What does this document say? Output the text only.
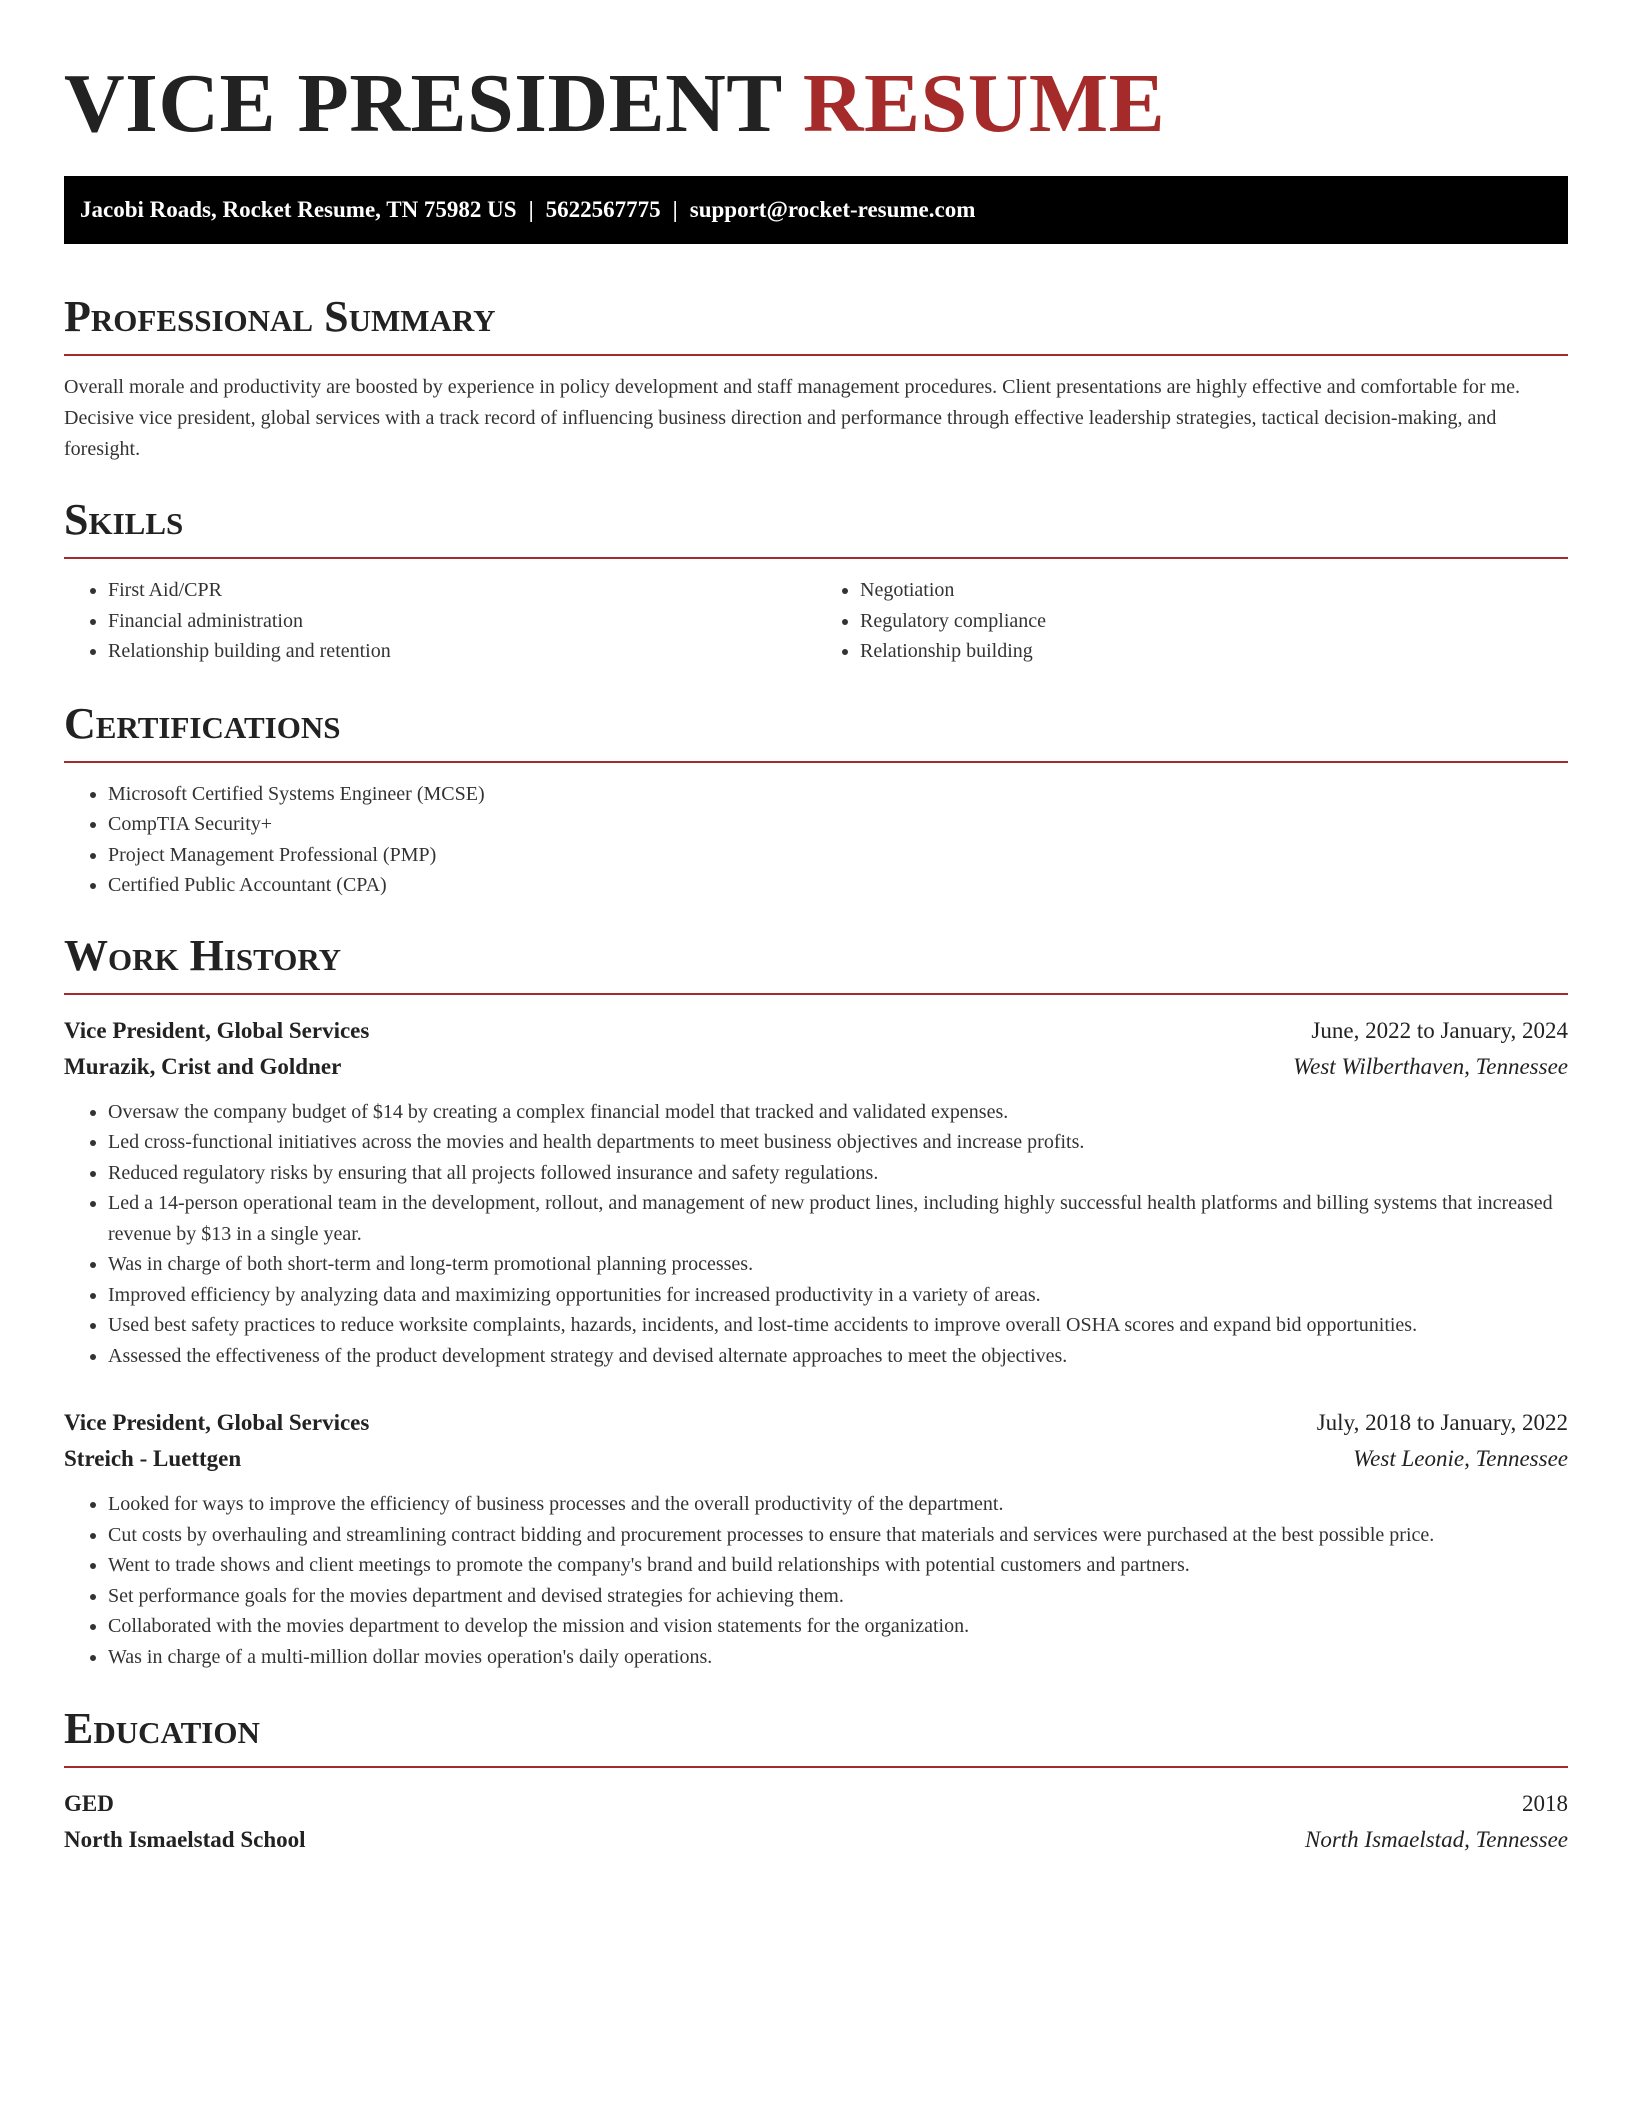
VICE PRESIDENT RESUME
Jacobi Roads, Rocket Resume, TN 75982 US | 5622567775 | support@rocket-resume.com
Professional Summary

Overall morale and productivity are boosted by experience in policy development and staff management procedures. Client presentations are highly effective and comfortable for me. Decisive vice president, global services with a track record of influencing business direction and performance through effective leadership strategies, tactical decision-making, and foresight.

Skills
• First Aid/CPR
• Financial administration
• Relationship building and retention
• Negotiation
• Regulatory compliance
• Relationship building
Certifications
• Microsoft Certified Systems Engineer (MCSE)
• CompTIA Security+
• Project Management Professional (PMP)
• Certified Public Accountant (CPA)
Work History
Vice President, Global Services	June, 2022 to January, 2024
Murazik, Crist and Goldner	West Wilberthaven, Tennessee
• Oversaw the company budget of $14 by creating a complex financial model that tracked and validated expenses.
• Led cross-functional initiatives across the movies and health departments to meet business objectives and increase profits.
• Reduced regulatory risks by ensuring that all projects followed insurance and safety regulations.
• Led a 14-person operational team in the development, rollout, and management of new product lines, including highly successful health platforms and billing systems that increased revenue by $13 in a single year.
• Was in charge of both short-term and long-term promotional planning processes.
• Improved efficiency by analyzing data and maximizing opportunities for increased productivity in a variety of areas.
• Used best safety practices to reduce worksite complaints, hazards, incidents, and lost-time accidents to improve overall OSHA scores and expand bid opportunities.
• Assessed the effectiveness of the product development strategy and devised alternate approaches to meet the objectives.
Vice President, Global Services	July, 2018 to January, 2022
Streich - Luettgen	West Leonie, Tennessee
• Looked for ways to improve the efficiency of business processes and the overall productivity of the department.
• Cut costs by overhauling and streamlining contract bidding and procurement processes to ensure that materials and services were purchased at the best possible price.
• Went to trade shows and client meetings to promote the company's brand and build relationships with potential customers and partners.
• Set performance goals for the movies department and devised strategies for achieving them.
• Collaborated with the movies department to develop the mission and vision statements for the organization.
• Was in charge of a multi-million dollar movies operation's daily operations.
Education
GED	2018
North Ismaelstad School	North Ismaelstad, Tennessee
